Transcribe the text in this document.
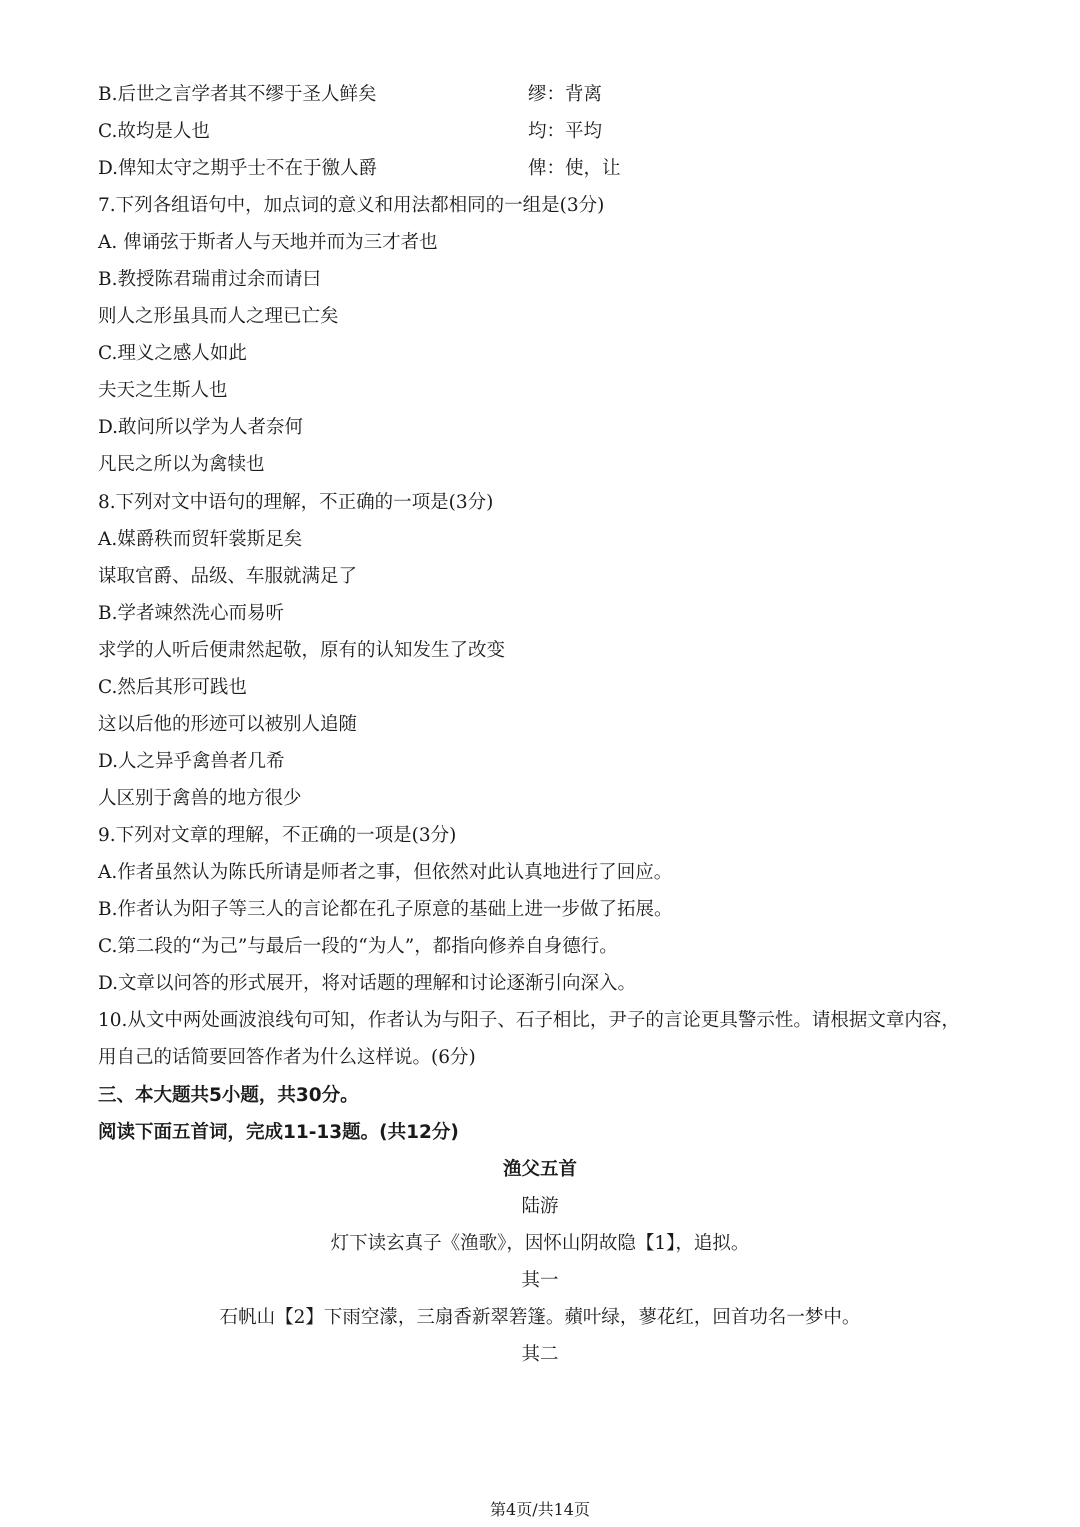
B.后世之言学者其不缪于圣人鲜矣	缪：背离
C.故均是人也	均：平均
D.俾知太守之期乎士不在于徼人爵	俾：使，让
7.下列各组语句中，加点词的意义和用法都相同的一组是(3分)
A. 俾诵弦于斯者人与天地并而为三才者也
B.教授陈君瑞甫过余而请曰
则人之形虽具而人之理已亡矣
C.理义之感人如此
夫天之生斯人也
D.敢问所以学为人者奈何
凡民之所以为禽犊也
8.下列对文中语句的理解，不正确的一项是(3分)
A.媒爵秩而贸轩裳斯足矣
谋取官爵、品级、车服就满足了
B.学者竦然洗心而易听
求学的人听后便肃然起敬，原有的认知发生了改变
C.然后其形可践也
这以后他的形迹可以被别人追随
D.人之异乎禽兽者几希
人区别于禽兽的地方很少
9.下列对文章的理解，不正确的一项是(3分)
A.作者虽然认为陈氏所请是师者之事，但依然对此认真地进行了回应。
B.作者认为阳子等三人的言论都在孔子原意的基础上进一步做了拓展。
C.第二段的“为己”与最后一段的“为人”，都指向修养自身德行。
D.文章以问答的形式展开，将对话题的理解和讨论逐渐引向深入。
10.从文中两处画波浪线句可知，作者认为与阳子、石子相比，尹子的言论更具警示性。请根据文章内容，
用自己的话简要回答作者为什么这样说。(6分)
三、本大题共5小题，共30分。
阅读下面五首词，完成11-13题。(共12分)
渔父五首
陆游
灯下读玄真子《渔歌》，因怀山阴故隐【1】，追拟。
其一
石帆山【2】下雨空濛，三扇香新翠箬篷。蘋叶绿，蓼花红，回首功名一梦中。
其二
第4页/共14页
